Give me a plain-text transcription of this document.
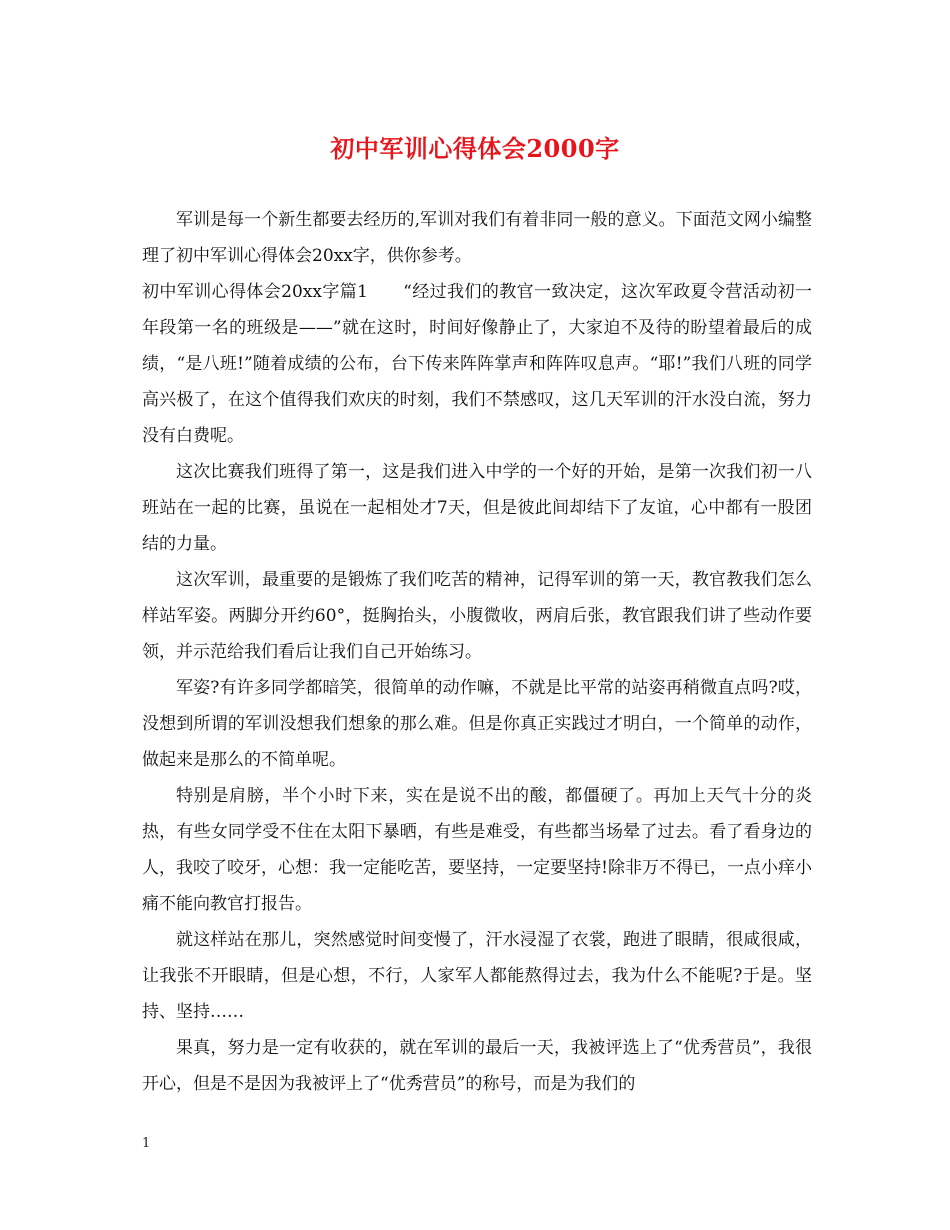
初中军训心得体会2000字

军训是每一个新生都要去经历的,军训对我们有着非同一般的意义。下面范文网小编整理了初中军训心得体会20xx字，供你参考。

初中军训心得体会20xx字篇1　　“经过我们的教官一致决定，这次军政夏令营活动初一年段第一名的班级是——”就在这时，时间好像静止了，大家迫不及待的盼望着最后的成绩，“是八班!”随着成绩的公布，台下传来阵阵掌声和阵阵叹息声。“耶!”我们八班的同学高兴极了，在这个值得我们欢庆的时刻，我们不禁感叹，这几天军训的汗水没白流，努力没有白费呢。

这次比赛我们班得了第一，这是我们进入中学的一个好的开始，是第一次我们初一八班站在一起的比赛，虽说在一起相处才7天，但是彼此间却结下了友谊，心中都有一股团结的力量。

这次军训，最重要的是锻炼了我们吃苦的精神，记得军训的第一天，教官教我们怎么样站军姿。两脚分开约60°，挺胸抬头，小腹微收，两肩后张，教官跟我们讲了些动作要领，并示范给我们看后让我们自己开始练习。

军姿?有许多同学都暗笑，很简单的动作嘛，不就是比平常的站姿再稍微直点吗?哎，没想到所谓的军训没想我们想象的那么难。但是你真正实践过才明白，一个简单的动作，做起来是那么的不简单呢。

特别是肩膀，半个小时下来，实在是说不出的酸，都僵硬了。再加上天气十分的炎热，有些女同学受不住在太阳下暴晒，有些是难受，有些都当场晕了过去。看了看身边的人，我咬了咬牙，心想：我一定能吃苦，要坚持，一定要坚持!除非万不得已，一点小痒小痛不能向教官打报告。

就这样站在那儿，突然感觉时间变慢了，汗水浸湿了衣裳，跑进了眼睛，很咸很咸，让我张不开眼睛，但是心想，不行，人家军人都能熬得过去，我为什么不能呢?于是。坚持、坚持……

果真，努力是一定有收获的，就在军训的最后一天，我被评选上了“优秀营员”，我很开心，但是不是因为我被评上了“优秀营员”的称号，而是为我们的

1
